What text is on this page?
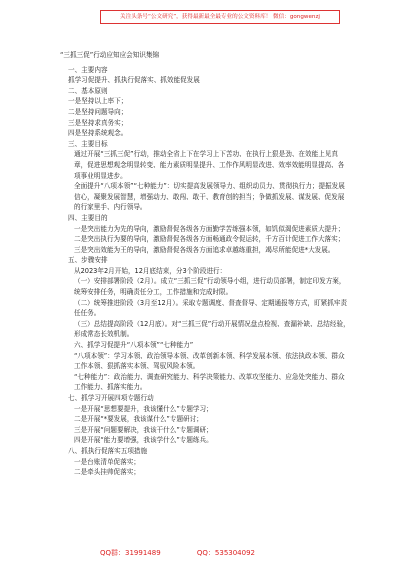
关注头条号“公文研究”，获得最新最全最专业的公文资料库！ 微信：gongwenzj
“三抓三促”行动应知应会知识集锦

一、主要内容

抓学习促提升、抓执行促落实、抓效能促发展

二、基本原则

一是坚持以上率下；

二是坚持问题导向；

三是坚持求真务实；

四是坚持系统观念。

三、主要目标

通过开展“三抓三促”行动，推动全省上下在学习上下苦功、在执行上狠是劲、在效能上见真章，促进思想观念明显转变、能力素质明显提升、工作作风明显改进、效率效能明显提高、各项事业明显进步。

全面提升“八项本领”“七种能力”：切实提高发展领导力、组织动员力、贯彻执行力；提振发展信心，凝聚发展智慧，增强动力、敢闯、敢干、教育创的担当；争做抓发展、谋发展、促发展的行家里手、内行领导。

四、主要目的

一是突出能力为先的导向，激励督促各级各方面勤学苦练强本领，如饥似渴促进素质大提升；

二是突出执行为要的导向，激励督促各级各方面畅通政令促运转，千方百计促进工作大落实；

三是突出效能为王的导向，激励督促各级各方面追求卓越练重担，竭尽所能促进*大发展。

五、步骤安排

从2023年2月开始，12月底结束，分3个阶段进行：

（一）安排部署阶段（2月）。成立“三抓三促”行动领导小组，进行动员部署，制定印发方案，统筹安排任务，明确责任分工，工作措施和完成时限。

（二）统筹推进阶段（3月至12月）。采取专题调度、督查督导、定期通报等方式，盯紧抓牢责任任务。

（三）总结提高阶段（12月底）。对“三抓三促”行动开展情况盘点检视、查漏补缺、总结经验，形成常态长效机制。

六、抓学习促提升“八项本领”“七种能力”

“八项本领”：学习本领、政治领导本领、改革创新本领、科学发展本领、依法执政本领、群众工作本领、狠抓落实本领、驾驭风险本领。

“七种能力”：政治能力、调查研究能力、科学决策能力、改革攻坚能力、应急处突能力、群众工作能力、抓落实能力。

七、抓学习开展四项专题行动

一是开展“思想要提升，我该懂什么”专题学习；

二是开展“*要发展，我该谋什么”专题研讨；

三是开展“问题要解决，我该干什么”专题调研；

四是开展“能力要增强，我该学什么”专题练兵。

八、抓执行促落实五项措施

一是台账清单促落实；

二是牵头挂帅促落实；

QQ群：31991489	QQ：535304092
